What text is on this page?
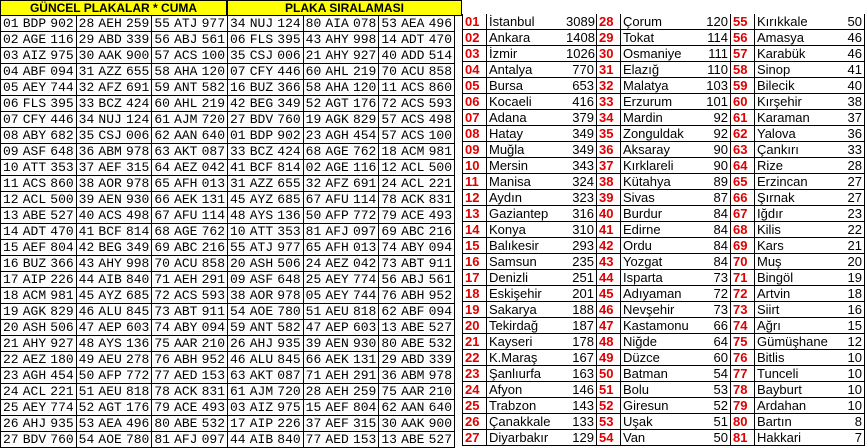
GÜNCEL PLAKALAR * CUMA	PLAKA SIRALAMASI
01 BDP 902 28 AEH 259 55 ATJ 977
02 AGE 116 29 ABD 339 56 ABJ 561
03 AIZ 975 30 AAK 900 57 ACS 100
04 ABF 094 31 AZZ 655 58 AHA 120
05 AEY 744 32 AFZ 691 59 ANT 582
06 FLS 395 33 BCZ 424 60 AHL 219
07 CFY 446 34 NUJ 124 61 AJM 720
08 ABY 682 35 CSJ 006 62 AAN 640
09 ASF 648 36 ABM 978 63 AKT 087
10 ATT 353 37 AEF 315 64 AEZ 042
11 ACS 860 38 AOR 978 65 AFH 013
12 ACL 500 39 AEN 930 66 AEK 131
13 ABE 527 40 ACS 498 67 AFU 114
14 ADT 470 41 BCF 814 68 AGE 762
15 AEF 804 42 BEG 349 69 ABC 216
16 BUZ 366 43 AHY 998 70 ACU 858
17 AIP 226 44 AIB 840 71 AEH 291
18 ACM 981 45 AYZ 685 72 ACS 593
19 AGK 829 46 ALU 845 73 ABT 911
20 ASH 506 47 AEP 603 74 ABY 094
21 AHY 927 48 AYS 136 75 AAR 210
22 AEZ 180 49 AEU 278 76 ABH 952
23 AGH 454 50 AFP 772 77 AED 153
24 ACL 221 51 AEU 818 78 ACK 831
25 AEY 774 52 AGT 176 79 ACE 493
26 AHJ 935 53 AEA 496 80 ABE 532
27 BDV 760 54 AOE 780 81 AFJ 097
34 NUJ 124 80 AIA 078 53 AEA 496
06 FLS 395 43 AHY 998 14 ADT 470
35 CSJ 006 21 AHY 927 40 ADD 514
07 CFY 446 60 AHL 219 70 ACU 858
16 BUZ 366 58 AHA 120 11 ACS 860
42 BEG 349 52 AGT 176 72 ACS 593
27 BDV 760 19 AGK 829 57 ACS 498
01 BDP 902 23 AGH 454 57 ACS 100
33 BCZ 424 68 AGE 762 18 ACM 981
41 BCF 814 02 AGE 116 12 ACL 500
31 AZZ 655 32 AFZ 691 24 ACL 221
45 AYZ 685 67 AFU 114 78 ACK 831
48 AYS 136 50 AFP 772 79 ACE 493
10 ATT 353 81 AFJ 097 69 ABC 216
55 ATJ 977 65 AFH 013 74 ABY 094
20 ASH 506 24 AEZ 042 73 ABT 911
09 ASF 648 25 AEY 774 56 ABJ 561
38 AOR 978 05 AEY 744 76 ABH 952
54 AOE 780 51 AEU 818 62 ABF 094
59 ANT 582 47 AEP 603 13 ABE 527
26 AHJ 935 39 AEN 930 80 ABE 532
46 ALU 845 66 AEK 131 29 ABD 339
63 AKT 087 71 AEH 291 36 ABM 978
61 AJM 720 28 AEH 259 75 AAR 210
03 AIZ 975 15 AEF 804 62 AAN 640
17 AIP 226 37 AEF 315 30 AAK 900
44 AIB 840 77 AED 153 13 ABE 527
01 İstanbul	3089 28 Çorum	120 55 Kırıkkale	50
02 Ankara	1408 29 Tokat	114 56 Amasya	46
03 İzmir	1026 30 Osmaniye	111 57 Karabük	46
04 Antalya	770 31 Elazığ	110 58 Sinop	41
05 Bursa	653 32 Malatya	103 59 Bilecik	40
06 Kocaeli	416 33 Erzurum	101 60 Kırşehir	38
07 Adana	379 34 Mardin	92 61 Karaman	37
08 Hatay	349 35 Zonguldak	92 62 Yalova	36
09 Muğla	349 36 Aksaray	90 63 Çankırı	33
10 Mersin	343 37 Kırklareli	90 64 Rize	28
11 Manisa	324 38 Kütahya	89 65 Erzincan	27
12 Aydın	323 39 Sivas	87 66 Şırnak	27
13 Gaziantep	316 40 Burdur	84 67 Iğdır	23
14 Konya	310 41 Edirne	84 68 Kilis	22
15 Balıkesir	293 42 Ordu	84 69 Kars	21
16 Samsun	235 43 Yozgat	84 70 Muş	20
17 Denizli	251 44 Isparta	73 71 Bingöl	19
18 Eskişehir	201 45 Adıyaman	72 72 Artvin	18
19 Sakarya	188 46 Nevşehir	73 73 Siirt	16
20 Tekirdağ	187 47 Kastamonu	66 74 Ağrı	15
21 Kayseri	178 48 Niğde	64 75 Gümüşhane	12
22 K.Maraş	167 49 Düzce	60 76 Bitlis	10
23 Şanlıurfa	163 50 Batman	54 77 Tunceli	10
24 Afyon	146 51 Bolu	53 78 Bayburt	10
25 Trabzon	143 52 Giresun	52 79 Ardahan	10
26 Çanakkale	133 53 Uşak	51 80 Bartın	8
27 Diyarbakır	129 54 Van	50 81 Hakkari	7
